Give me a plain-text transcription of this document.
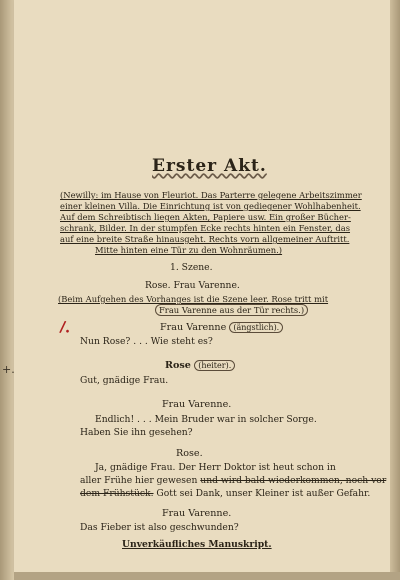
+.
Erster Akt.
(Newilly: im Hause von Fleuriot. Das Parterre gelegene Arbeitszimmer
einer kleinen Villa. Die Einrichtung ist von gediegener Wohlhabenheit.
Auf dem Schreibtisch liegen Akten, Papiere usw. Ein großer Bücher-
schrank, Bilder. In der stumpfen Ecke rechts hinten ein Fenster, das
auf eine breite Straße hinausgeht. Rechts vorn allgemeiner Auftritt.
Mitte hinten eine Tür zu den Wohnräumen.)
1. Szene.
Rose. Frau Varenne.
(Beim Aufgehen des Vorhanges ist die Szene leer. Rose tritt mit
Frau Varenne aus der Tür rechts.)
Frau Varenne (ängstlich).
/.
Nun Rose? . . . Wie steht es?
Rose (heiter).
Gut, gnädige Frau.
Frau Varenne.
Endlich! . . . Mein Bruder war in solcher Sorge.
Haben Sie ihn gesehen?
Rose.
Ja, gnädige Frau. Der Herr Doktor ist heut schon in
aller Frühe hier gewesen und wird bald wiederkommen, noch vor
dem Frühstück. Gott sei Dank, unser Kleiner ist außer Gefahr.
Frau Varenne.
Das Fieber ist also geschwunden?
Unverkäufliches Manuskript.
